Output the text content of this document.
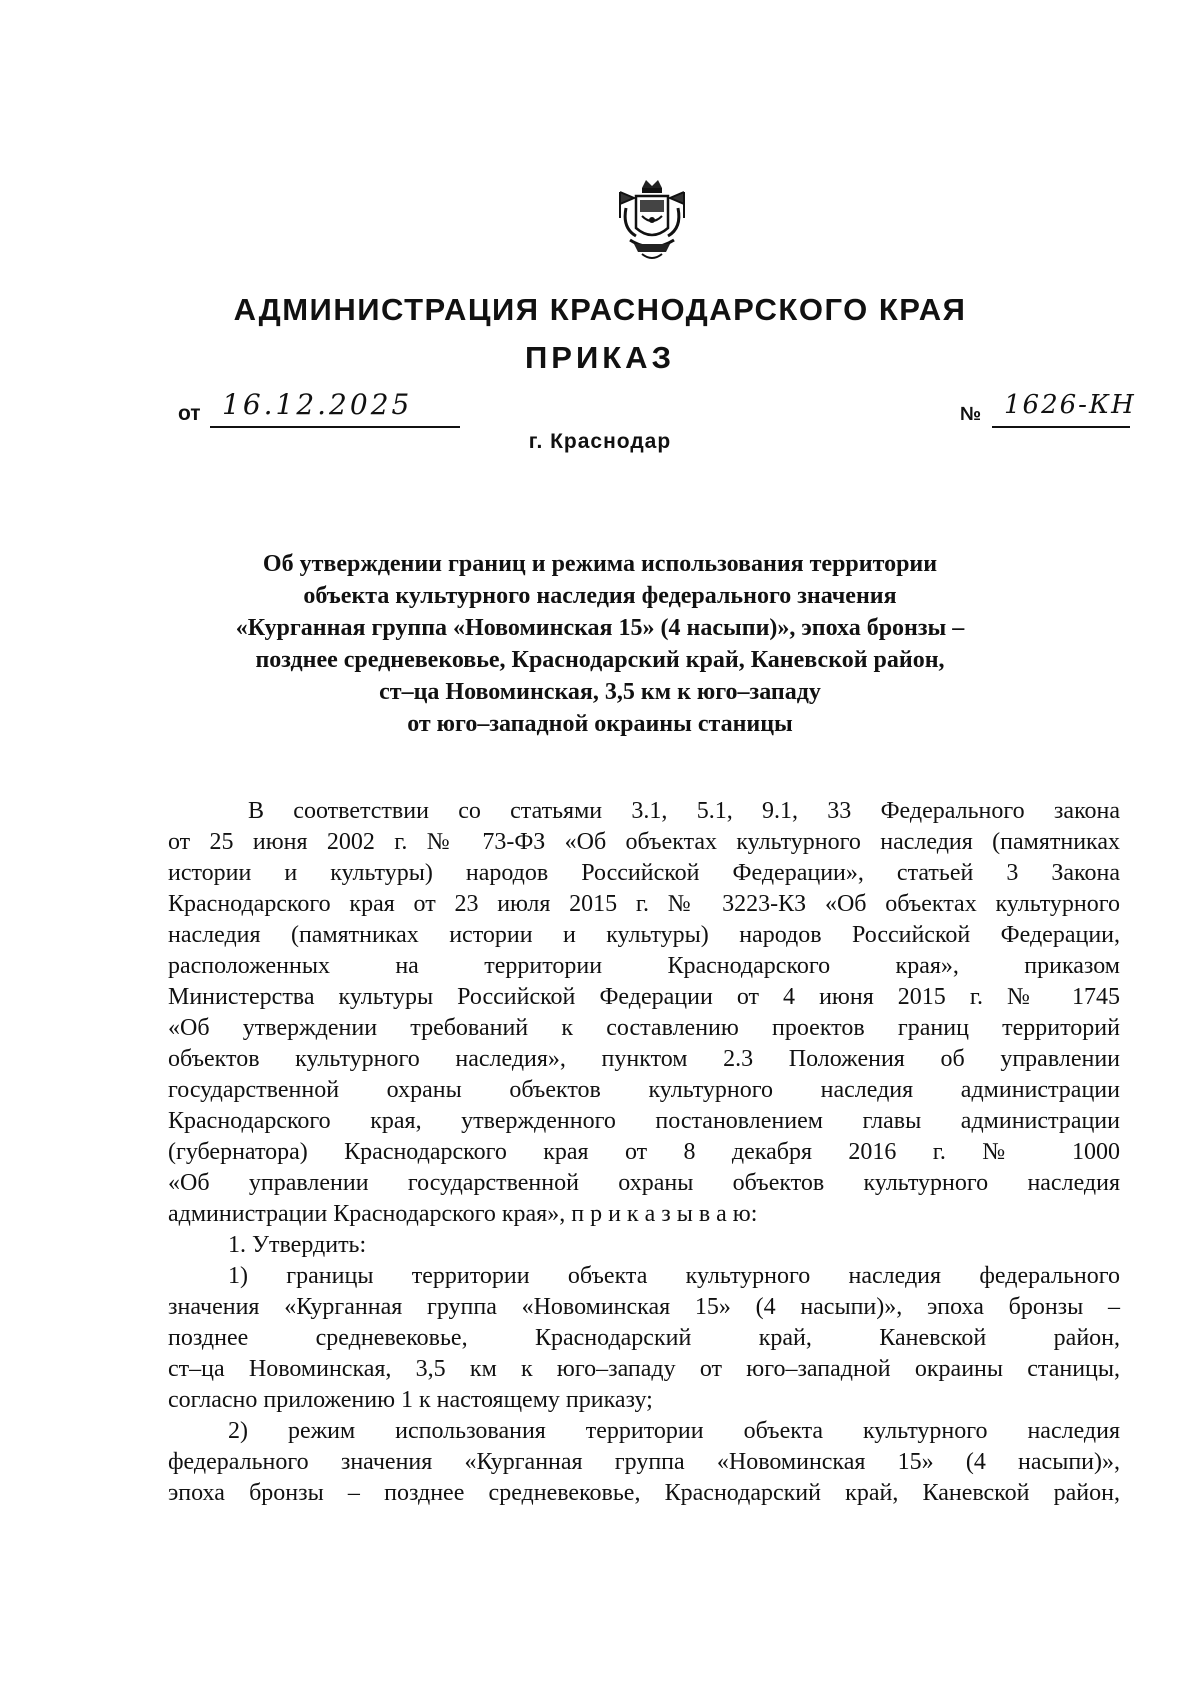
АДМИНИСТРАЦИЯ КРАСНОДАРСКОГО КРАЯ
ПРИКАЗ
от 16.12.2025	№ 1626-КН
г. Краснодар
Об утверждении границ и режима использования территории
объекта культурного наследия федерального значения
«Курганная группа «Новоминская 15» (4 насыпи)», эпоха бронзы –
позднее средневековье, Краснодарский край, Каневской район,
ст–ца Новоминская, 3,5 км к юго–западу
от юго–западной окраины станицы
В соответствии со статьями 3.1, 5.1, 9.1, 33 Федерального закона
от 25 июня 2002 г. № 73-ФЗ «Об объектах культурного наследия (памятниках
истории и культуры) народов Российской Федерации», статьей 3 Закона
Краснодарского края от 23 июля 2015 г. № 3223-КЗ «Об объектах культурного
наследия (памятниках истории и культуры) народов Российской Федерации,
расположенных на территории Краснодарского края», приказом
Министерства культуры Российской Федерации от 4 июня 2015 г. № 1745
«Об утверждении требований к составлению проектов границ территорий
объектов культурного наследия», пунктом 2.3 Положения об управлении
государственной охраны объектов культурного наследия администрации
Краснодарского края, утвержденного постановлением главы администрации
(губернатора) Краснодарского края от 8 декабря 2016 г. № 1000
«Об управлении государственной охраны объектов культурного наследия
администрации Краснодарского края», п р и к а з ы в а ю:
1. Утвердить:
1) границы территории объекта культурного наследия федерального
значения «Курганная группа «Новоминская 15» (4 насыпи)», эпоха бронзы –
позднее средневековье, Краснодарский край, Каневской район,
ст–ца Новоминская, 3,5 км к юго–западу от юго–западной окраины станицы,
согласно приложению 1 к настоящему приказу;
2) режим использования территории объекта культурного наследия
федерального значения «Курганная группа «Новоминская 15» (4 насыпи)»,
эпоха бронзы – позднее средневековье, Краснодарский край, Каневской район,
